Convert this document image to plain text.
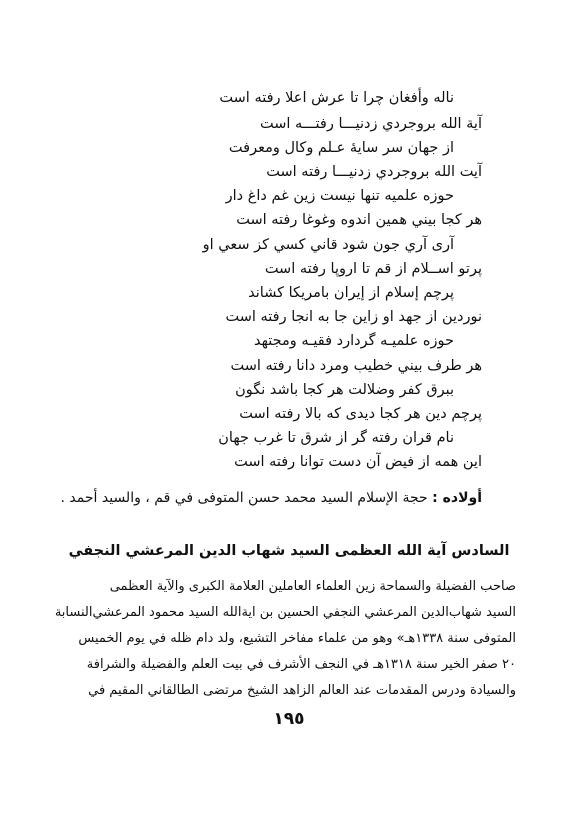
ناله وأفغان چرا تا عرش اعلا رفته است
آية الله بروجردي زدنيـــا رفتـــه است
از جهان سر سايۀ عـلم وكال ومعرفت
آيت الله بروجردي زدنيـــا رفته است
حوزه علميه تنها نيست زين غم داغ دار
هر كجا بيني همين اندوه وغوغا رفته است
آرى آري جون شود قاني كسي كز سعي او
پرتو اســلام از قم تا اروپا رفته است
پرچم إسلام از إيران بامريكا كشاند
نوردين از جهد او زاين جا به انجا رفته است
حوزه علميـه گردارد فقيـه ومجتهد
هر طرف بيني خطيب ومرد دانا رفته است
ببرق كفر وضلالت هر كجا باشد نگون
پرچم دين هر كجا ديدى كه بالا رفته است
نام قران رفته گر از شرق تا غرب جهان
اين همه از فيض آن دست توانا رفته است
أولاده : حجة الإسلام السيد محمد حسن المتوفى في قم ، والسيد أحمد .
السادس آية الله العظمى السيد شهاب الدين المرعشي النجفي
صاحب الفضيلة والسماحة زين العلماء العاملين العلامة الكبرى والآية العظمى
السيد شهاب‌الدين المرعشي النجفي الحسين بن اية‌الله السيد محمود المرعشي‌النسابة
المتوفى سنة ١٣٣٨هـ» وهو من علماء مفاخر التشيع، ولد دام ظله في يوم الخميس
٢٠ صفر الخير سنة ١٣١٨هـ في النجف الأشرف في بيت العلم والفضيلة والشرافة
والسيادة ودرس المقدمات عند العالم الزاهد الشيخ مرتضى الطالقاني المقيم في
١٩٥
